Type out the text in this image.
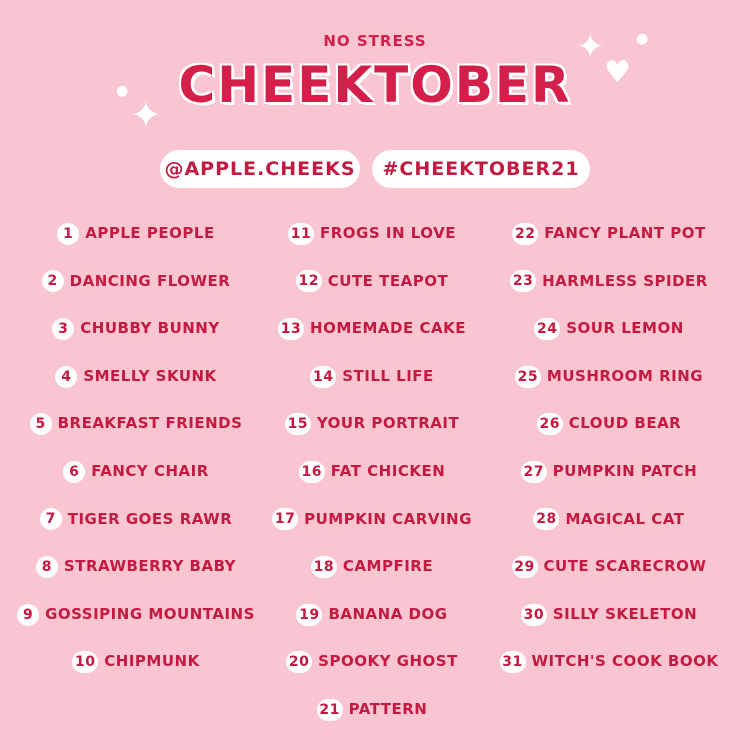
✦
●
✦ ●
♥
NO STRESS
CHEEKTOBER
@APPLE.CHEEKS	#CHEEKTOBER21
1 APPLE PEOPLE
2 DANCING FLOWER
3 CHUBBY BUNNY
4 SMELLY SKUNK
5 BREAKFAST FRIENDS
6 FANCY CHAIR
7 TIGER GOES RAWR
8 STRAWBERRY BABY
9 GOSSIPING MOUNTAINS
10 CHIPMUNK
11 FROGS IN LOVE
12 CUTE TEAPOT
13 HOMEMADE CAKE
14 STILL LIFE
15 YOUR PORTRAIT
16 FAT CHICKEN
17 PUMPKIN CARVING
18 CAMPFIRE
19 BANANA DOG
20 SPOOKY GHOST
21 PATTERN
22 FANCY PLANT POT
23 HARMLESS SPIDER
24 SOUR LEMON
25 MUSHROOM RING
26 CLOUD BEAR
27 PUMPKIN PATCH
28 MAGICAL CAT
29 CUTE SCARECROW
30 SILLY SKELETON
31 WITCH'S COOK BOOK
